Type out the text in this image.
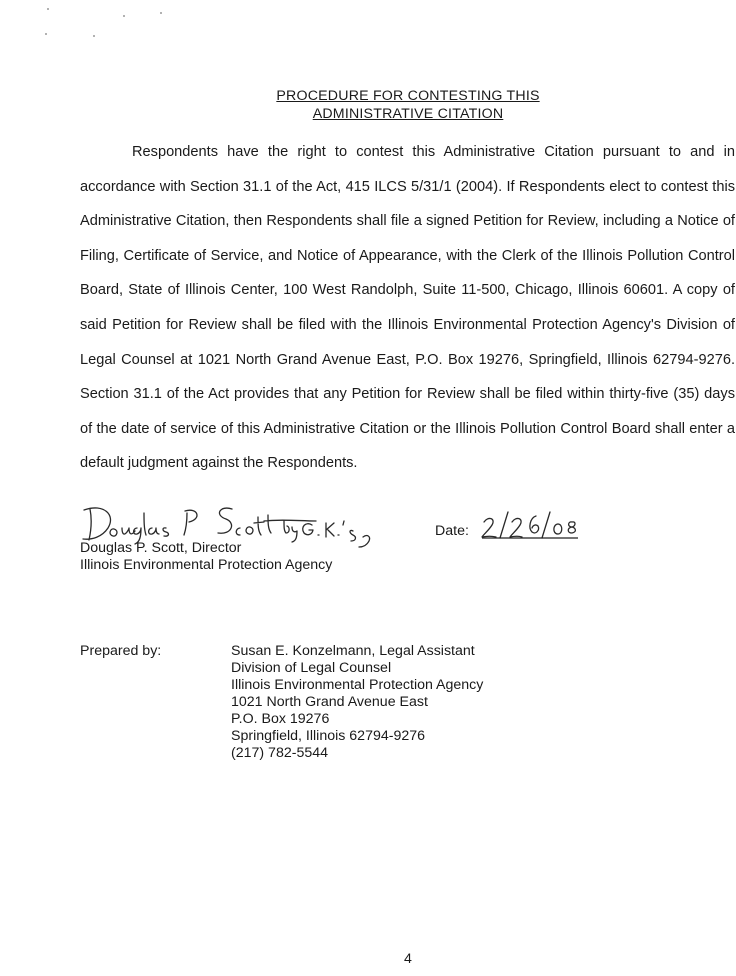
PROCEDURE FOR CONTESTING THIS
ADMINISTRATIVE CITATION
Respondents have the right to contest this Administrative Citation pursuant to and in accordance with Section 31.1 of the Act, 415 ILCS 5/31/1 (2004). If Respondents elect to contest this Administrative Citation, then Respondents shall file a signed Petition for Review, including a Notice of Filing, Certificate of Service, and Notice of Appearance, with the Clerk of the Illinois Pollution Control Board, State of Illinois Center, 100 West Randolph, Suite 11-500, Chicago, Illinois 60601. A copy of said Petition for Review shall be filed with the Illinois Environmental Protection Agency's Division of Legal Counsel at 1021 North Grand Avenue East, P.O. Box 19276, Springfield, Illinois 62794-9276. Section 31.1 of the Act provides that any Petition for Review shall be filed within thirty-five (35) days of the date of service of this Administrative Citation or the Illinois Pollution Control Board shall enter a default judgment against the Respondents.
Douglas P. Scott, Director
Illinois Environmental Protection Agency
Date:
Prepared by:	Susan E. Konzelmann, Legal Assistant
Division of Legal Counsel
Illinois Environmental Protection Agency
1021 North Grand Avenue East
P.O. Box 19276
Springfield, Illinois 62794-9276
(217) 782-5544
4
